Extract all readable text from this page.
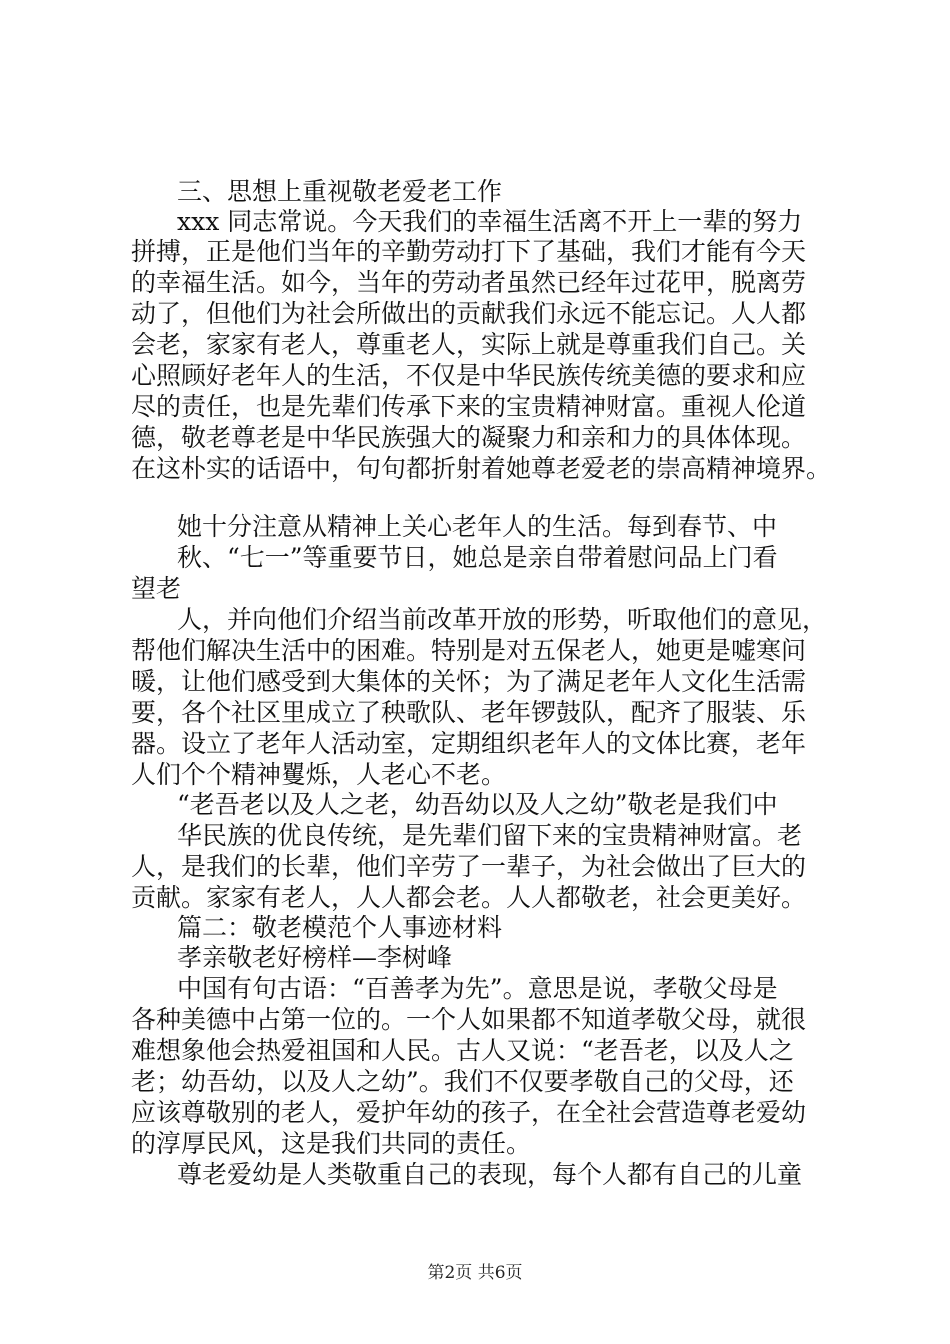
三、思想上重视敬老爱老工作
xxx 同志常说。今天我们的幸福生活离不开上一辈的努力
拼搏，正是他们当年的辛勤劳动打下了基础，我们才能有今天
的幸福生活。如今，当年的劳动者虽然已经年过花甲，脱离劳
动了，但他们为社会所做出的贡献我们永远不能忘记。人人都
会老，家家有老人，尊重老人，实际上就是尊重我们自己。关
心照顾好老年人的生活，不仅是中华民族传统美德的要求和应
尽的责任，也是先辈们传承下来的宝贵精神财富。重视人伦道
德，敬老尊老是中华民族强大的凝聚力和亲和力的具体体现。
在这朴实的话语中，句句都折射着她尊老爱老的崇高精神境界。
她十分注意从精神上关心老年人的生活。每到春节、中
秋、“七一”等重要节日，她总是亲自带着慰问品上门看
望老
人，并向他们介绍当前改革开放的形势，听取他们的意见，
帮他们解决生活中的困难。特别是对五保老人，她更是嘘寒问
暖，让他们感受到大集体的关怀；为了满足老年人文化生活需
要，各个社区里成立了秧歌队、老年锣鼓队，配齐了服装、乐
器。设立了老年人活动室，定期组织老年人的文体比赛，老年
人们个个精神矍烁，人老心不老。
“老吾老以及人之老，幼吾幼以及人之幼”敬老是我们中
华民族的优良传统，是先辈们留下来的宝贵精神财富。老
人，是我们的长辈，他们辛劳了一辈子，为社会做出了巨大的
贡献。家家有老人，人人都会老。人人都敬老，社会更美好。
篇二：敬老模范个人事迹材料
孝亲敬老好榜样—李树峰
中国有句古语：“百善孝为先”。意思是说，孝敬父母是
各种美德中占第一位的。一个人如果都不知道孝敬父母，就很
难想象他会热爱祖国和人民。古人又说：“老吾老，以及人之
老；幼吾幼，以及人之幼”。我们不仅要孝敬自己的父母，还
应该尊敬别的老人，爱护年幼的孩子，在全社会营造尊老爱幼
的淳厚民风，这是我们共同的责任。
尊老爱幼是人类敬重自己的表现，每个人都有自己的儿童
第2页 共6页
